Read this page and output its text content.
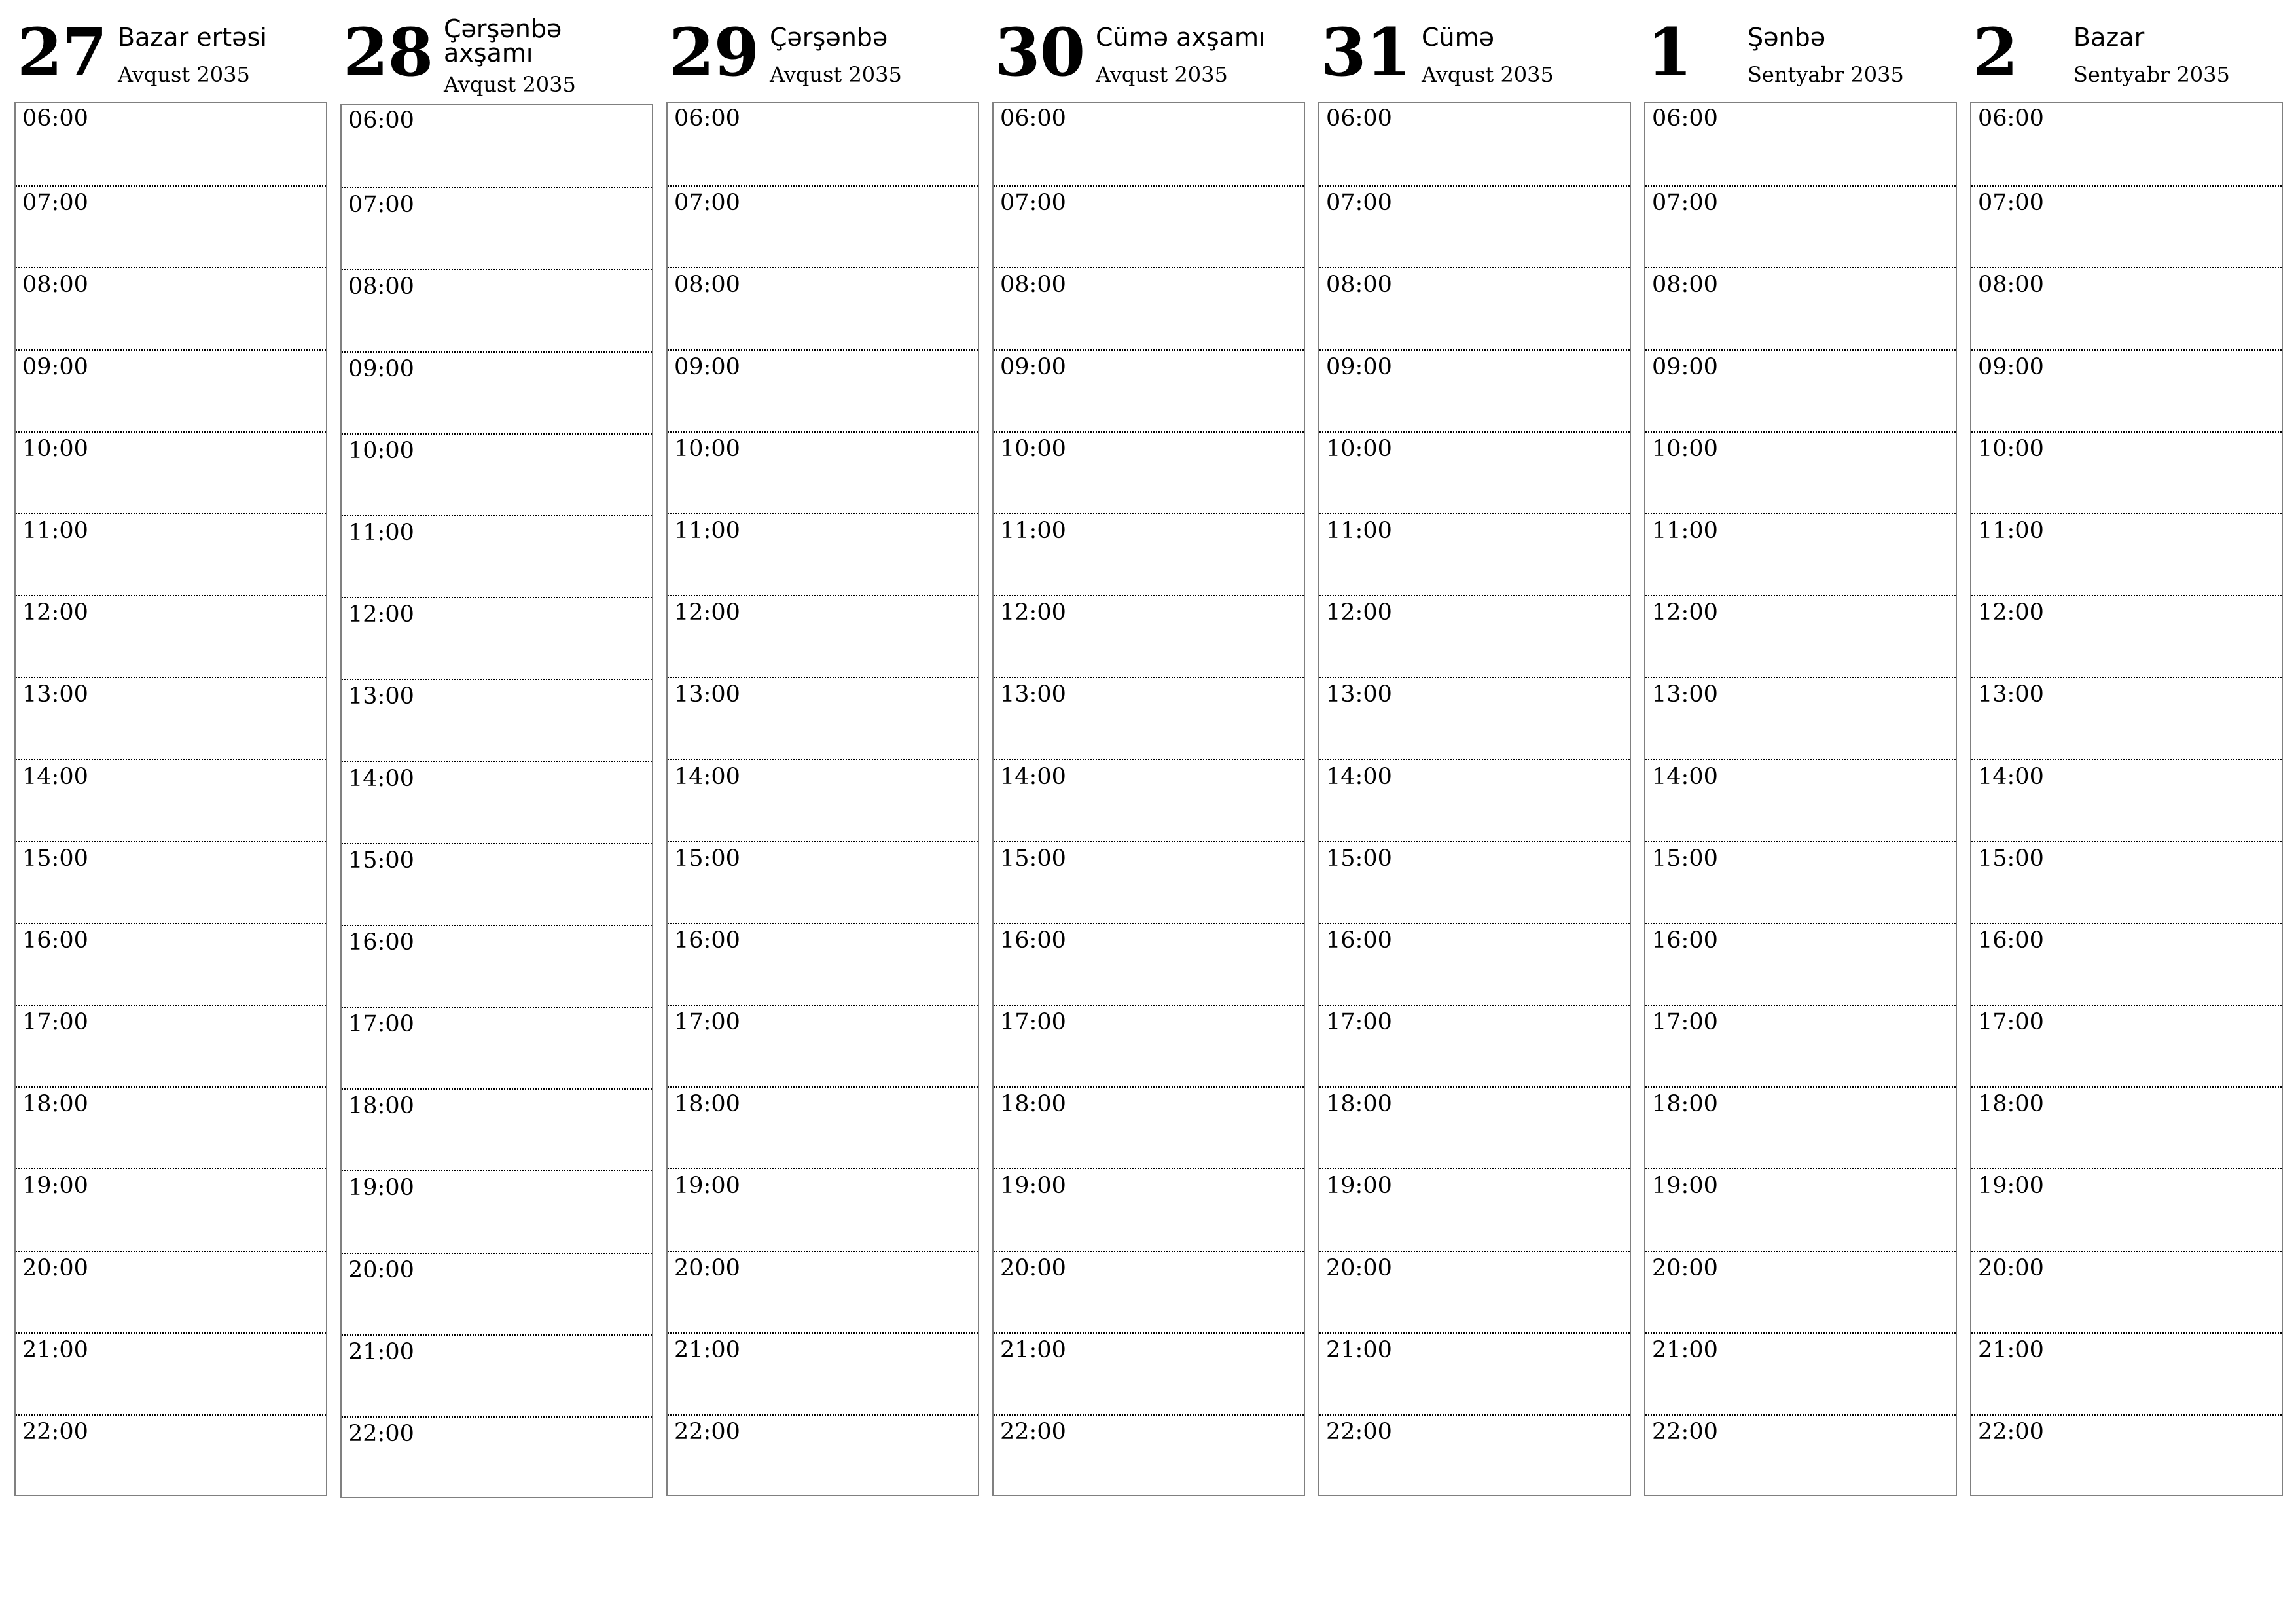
27 Bazar ertəsi
Avqust 2035
06:00
07:00
08:00
09:00
10:00
11:00
12:00
13:00
14:00
15:00
16:00
17:00
18:00
19:00
20:00
21:00
22:00
28 Çərşənbə axşamı
Avqust 2035
06:00
07:00
08:00
09:00
10:00
11:00
12:00
13:00
14:00
15:00
16:00
17:00
18:00
19:00
20:00
21:00
22:00
29 Çərşənbə
Avqust 2035
06:00
07:00
08:00
09:00
10:00
11:00
12:00
13:00
14:00
15:00
16:00
17:00
18:00
19:00
20:00
21:00
22:00
30 Cümə axşamı
Avqust 2035
06:00
07:00
08:00
09:00
10:00
11:00
12:00
13:00
14:00
15:00
16:00
17:00
18:00
19:00
20:00
21:00
22:00
31 Cümə
Avqust 2035
06:00
07:00
08:00
09:00
10:00
11:00
12:00
13:00
14:00
15:00
16:00
17:00
18:00
19:00
20:00
21:00
22:00
1 Şənbə
Sentyabr 2035
06:00
07:00
08:00
09:00
10:00
11:00
12:00
13:00
14:00
15:00
16:00
17:00
18:00
19:00
20:00
21:00
22:00
2 Bazar
Sentyabr 2035
06:00
07:00
08:00
09:00
10:00
11:00
12:00
13:00
14:00
15:00
16:00
17:00
18:00
19:00
20:00
21:00
22:00
